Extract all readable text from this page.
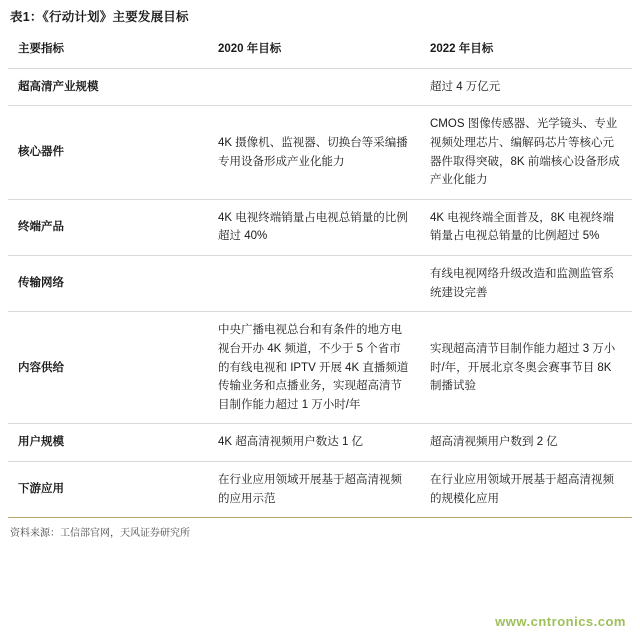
表1：《行动计划》主要发展目标
主要指标	2020 年目标	2022 年目标
超高清产业规模		超过 4 万亿元
核心器件	4K 摄像机、监视器、切换台等采编播专用设备形成产业化能力	CMOS 图像传感器、光学镜头、专业视频处理芯片、编解码芯片等核心元器件取得突破，8K 前端核心设备形成产业化能力
终端产品	4K 电视终端销量占电视总销量的比例超过 40%	4K 电视终端全面普及，8K 电视终端销量占电视总销量的比例超过 5%
传输网络		有线电视网络升级改造和监测监管系统建设完善
内容供给	中央广播电视总台和有条件的地方电视台开办 4K 频道，不少于 5 个省市的有线电视和 IPTV 开展 4K 直播频道传输业务和点播业务，实现超高清节目制作能力超过 1 万小时/年	实现超高清节目制作能力超过 3 万小时/年，开展北京冬奥会赛事节目 8K 制播试验
用户规模	4K 超高清视频用户数达 1 亿	超高清视频用户数到 2 亿
下游应用	在行业应用领域开展基于超高清视频的应用示范	在行业应用领域开展基于超高清视频的规模化应用
资料来源：工信部官网，天风证券研究所
www.cntronics.com
